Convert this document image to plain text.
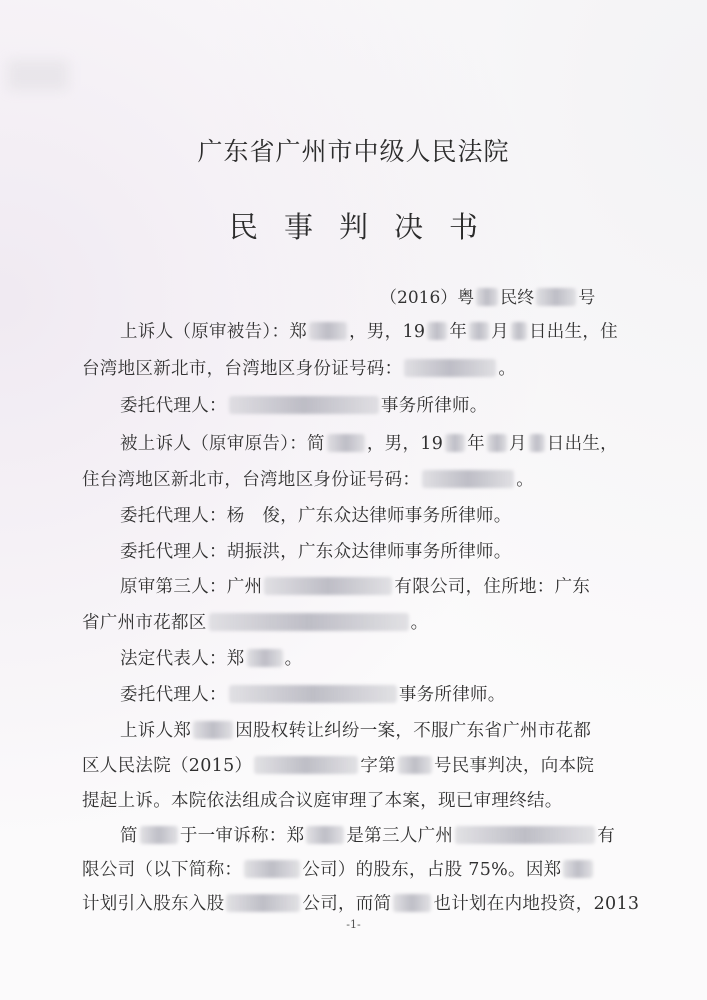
广东省广州市中级人民法院
民事判决书
（2016）粤 民终	号
上诉人（原审被告）：郑 ，男，19 年 月 日出生，住
台湾地区新北市，台湾地区身份证号码：	。
委托代理人：	事务所律师。
被上诉人（原审原告）：简 ，男，19 年 月 日出生，
住台湾地区新北市，台湾地区身份证号码：	。
委托代理人：杨　俊，广东众达律师事务所律师。
委托代理人：胡振洪，广东众达律师事务所律师。
原审第三人：广州	有限公司，住所地：广东
省广州市花都区	。
法定代表人：郑 。
委托代理人：	事务所律师。
上诉人郑	因股权转让纠纷一案，不服广东省广州市花都
区人民法院（2015）	字第 号民事判决，向本院
提起上诉。本院依法组成合议庭审理了本案，现已审理终结。
简 于一审诉称：郑 是第三人广州	有
限公司（以下简称：	公司）的股东，占股 75%。因郑
计划引入股东入股	公司，而简 也计划在内地投资，2013
-1-
